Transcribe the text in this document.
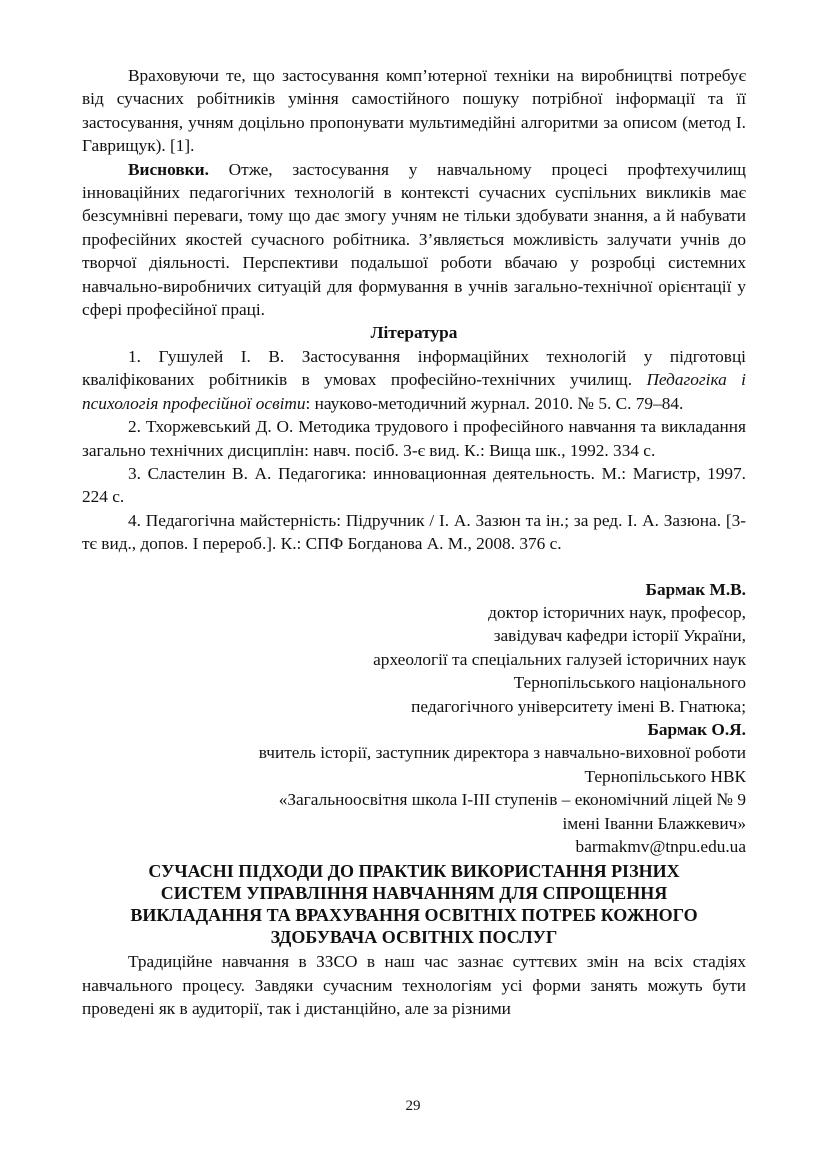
Враховуючи те, що застосування комп’ютерної техніки на виробництві потребує від сучасних робітників уміння самостійного пошуку потрібної інформації та її застосування, учням доцільно пропонувати мультимедійні алгоритми за описом (метод І. Гаврищук). [1].

Висновки. Отже, застосування у навчальному процесі профтехучилищ інноваційних педагогічних технологій в контексті сучасних суспільних викликів має безсумнівні переваги, тому що дає змогу учням не тільки здобувати знання, а й набувати професійних якостей сучасного робітника. З’являється можливість залучати учнів до творчої діяльності. Перспективи подальшої роботи вбачаю у розробці системних навчально-виробничих ситуацій для формування в учнів загально-технічної орієнтації у сфері професійної праці.

Література

1. Гушулей І. В. Застосування інформаційних технологій у підготовці кваліфікованих робітників в умовах професійно-технічних училищ. Педагогіка і психологія професійної освіти: науково-методичний журнал. 2010. № 5. С. 79–84.

2. Тхоржевський Д. О. Методика трудового і професійного навчання та викладання загально технічних дисциплін: навч. посіб. 3-є вид. К.: Вища шк., 1992. 334 с.

3. Сластелин В. А. Педагогика: инновационная деятельность. М.: Магистр, 1997. 224 с.

4. Педагогічна майстерність: Підручник / І. А. Зазюн та ін.; за ред. І. А. Зазюна. [3-тє вид., допов. І перероб.]. К.: СПФ Богданова А. М., 2008. 376 с.

Бармак М.В.
доктор історичних наук, професор,
завідувач кафедри історії України,
археології та спеціальних галузей історичних наук
Тернопільського національного
педагогічного університету імені В. Гнатюка;
Бармак О.Я.
вчитель історії, заступник директора з навчально-виховної роботи
Тернопільського НВК
«Загальноосвітня школа І-ІІІ ступенів – економічний ліцей № 9
імені Іванни Блажкевич»
barmakmv@tnpu.edu.ua
СУЧАСНІ ПІДХОДИ ДО ПРАКТИК ВИКОРИСТАННЯ РІЗНИХ
СИСТЕМ УПРАВЛІННЯ НАВЧАННЯМ ДЛЯ СПРОЩЕННЯ
ВИКЛАДАННЯ ТА ВРАХУВАННЯ ОСВІТНІХ ПОТРЕБ КОЖНОГО
ЗДОБУВАЧА ОСВІТНІХ ПОСЛУГ

Традиційне навчання в ЗЗСО в наш час зазнає суттєвих змін на всіх стадіях навчального процесу. Завдяки сучасним технологіям усі форми занять можуть бути проведені як в аудиторії, так і дистанційно, але за різними

29
